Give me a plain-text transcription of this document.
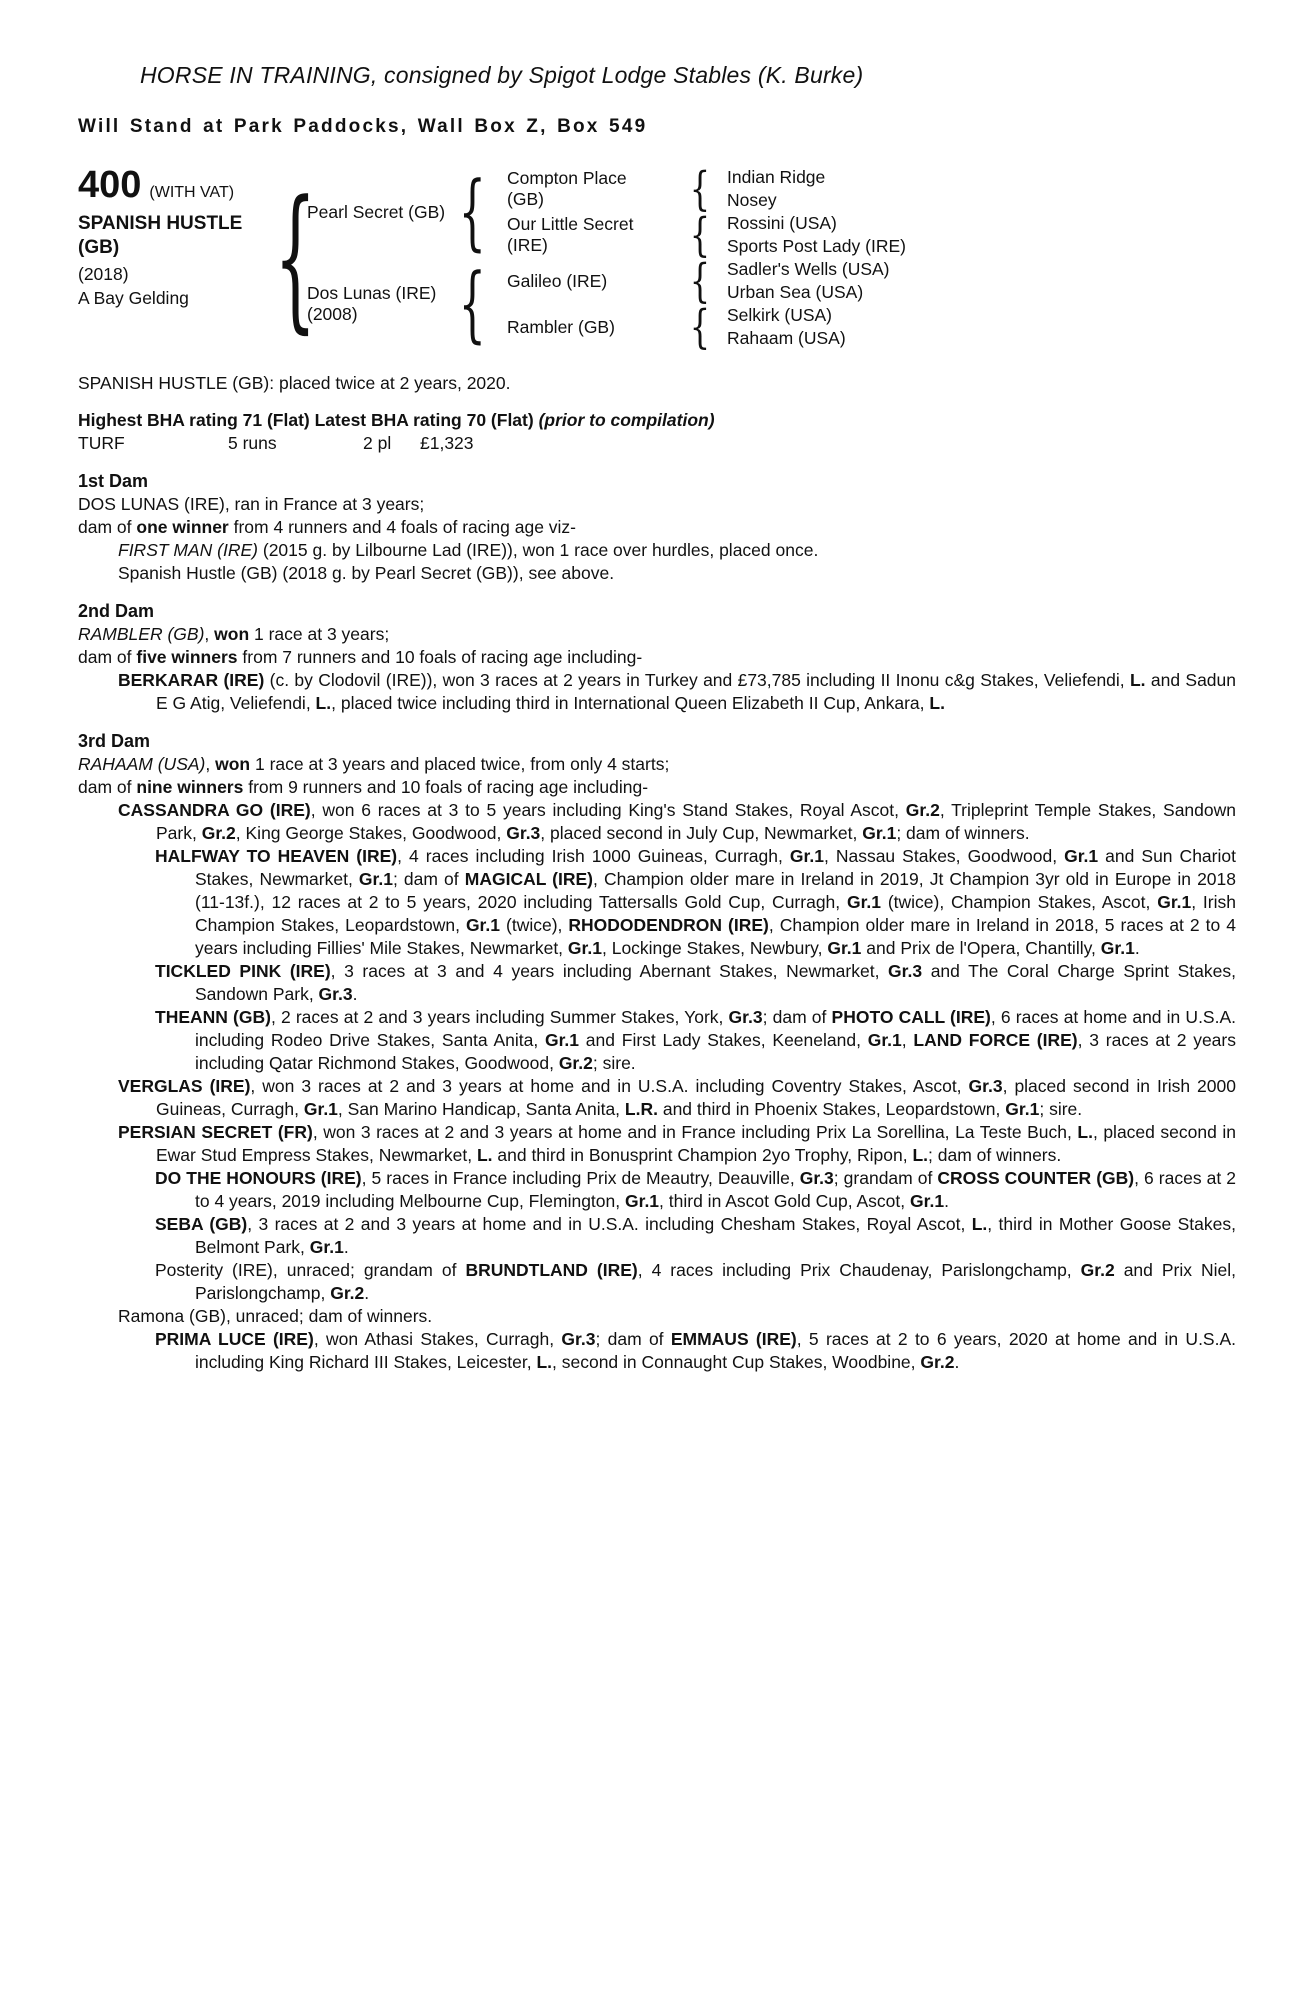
HORSE IN TRAINING, consigned by Spigot Lodge Stables (K. Burke)
Will Stand at Park Paddocks, Wall Box Z, Box 549
400 (WITH VAT)
SPANISH HUSTLE (GB)
(2018)
A Bay Gelding {
Pearl Secret (GB)
Dos Lunas (IRE) (2008)
{
{
Compton Place (GB)
Our Little Secret (IRE)
Galileo (IRE)
Rambler (GB)
{
{
{
{
Indian Ridge
Nosey
Rossini (USA)
Sports Post Lady (IRE)
Sadler's Wells (USA)
Urban Sea (USA)
Selkirk (USA)
Rahaam (USA)

SPANISH HUSTLE (GB): placed twice at 2 years, 2020.

Highest BHA rating 71 (Flat) Latest BHA rating 70 (Flat) (prior to compilation)

TURF	5 runs	2 pl £1,323
1st Dam

DOS LUNAS (IRE), ran in France at 3 years;

dam of one winner from 4 runners and 4 foals of racing age viz-

FIRST MAN (IRE) (2015 g. by Lilbourne Lad (IRE)), won 1 race over hurdles, placed once.

Spanish Hustle (GB) (2018 g. by Pearl Secret (GB)), see above.

2nd Dam

RAMBLER (GB), won 1 race at 3 years;

dam of five winners from 7 runners and 10 foals of racing age including-

BERKARAR (IRE) (c. by Clodovil (IRE)), won 3 races at 2 years in Turkey and £73,785 including II Inonu c&g Stakes, Veliefendi, L. and Sadun E G Atig, Veliefendi, L., placed twice including third in International Queen Elizabeth II Cup, Ankara, L.

3rd Dam

RAHAAM (USA), won 1 race at 3 years and placed twice, from only 4 starts;

dam of nine winners from 9 runners and 10 foals of racing age including-

CASSANDRA GO (IRE), won 6 races at 3 to 5 years including King's Stand Stakes, Royal Ascot, Gr.2, Tripleprint Temple Stakes, Sandown Park, Gr.2, King George Stakes, Goodwood, Gr.3, placed second in July Cup, Newmarket, Gr.1; dam of winners.

HALFWAY TO HEAVEN (IRE), 4 races including Irish 1000 Guineas, Curragh, Gr.1, Nassau Stakes, Goodwood, Gr.1 and Sun Chariot Stakes, Newmarket, Gr.1; dam of MAGICAL (IRE), Champion older mare in Ireland in 2019, Jt Champion 3yr old in Europe in 2018 (11-13f.), 12 races at 2 to 5 years, 2020 including Tattersalls Gold Cup, Curragh, Gr.1 (twice), Champion Stakes, Ascot, Gr.1, Irish Champion Stakes, Leopardstown, Gr.1 (twice), RHODODENDRON (IRE), Champion older mare in Ireland in 2018, 5 races at 2 to 4 years including Fillies' Mile Stakes, Newmarket, Gr.1, Lockinge Stakes, Newbury, Gr.1 and Prix de l'Opera, Chantilly, Gr.1.

TICKLED PINK (IRE), 3 races at 3 and 4 years including Abernant Stakes, Newmarket, Gr.3 and The Coral Charge Sprint Stakes, Sandown Park, Gr.3.

THEANN (GB), 2 races at 2 and 3 years including Summer Stakes, York, Gr.3; dam of PHOTO CALL (IRE), 6 races at home and in U.S.A. including Rodeo Drive Stakes, Santa Anita, Gr.1 and First Lady Stakes, Keeneland, Gr.1, LAND FORCE (IRE), 3 races at 2 years including Qatar Richmond Stakes, Goodwood, Gr.2; sire.

VERGLAS (IRE), won 3 races at 2 and 3 years at home and in U.S.A. including Coventry Stakes, Ascot, Gr.3, placed second in Irish 2000 Guineas, Curragh, Gr.1, San Marino Handicap, Santa Anita, L.R. and third in Phoenix Stakes, Leopardstown, Gr.1; sire.

PERSIAN SECRET (FR), won 3 races at 2 and 3 years at home and in France including Prix La Sorellina, La Teste Buch, L., placed second in Ewar Stud Empress Stakes, Newmarket, L. and third in Bonusprint Champion 2yo Trophy, Ripon, L.; dam of winners.

DO THE HONOURS (IRE), 5 races in France including Prix de Meautry, Deauville, Gr.3; grandam of CROSS COUNTER (GB), 6 races at 2 to 4 years, 2019 including Melbourne Cup, Flemington, Gr.1, third in Ascot Gold Cup, Ascot, Gr.1.

SEBA (GB), 3 races at 2 and 3 years at home and in U.S.A. including Chesham Stakes, Royal Ascot, L., third in Mother Goose Stakes, Belmont Park, Gr.1.

Posterity (IRE), unraced; grandam of BRUNDTLAND (IRE), 4 races including Prix Chaudenay, Parislongchamp, Gr.2 and Prix Niel, Parislongchamp, Gr.2.

Ramona (GB), unraced; dam of winners.

PRIMA LUCE (IRE), won Athasi Stakes, Curragh, Gr.3; dam of EMMAUS (IRE), 5 races at 2 to 6 years, 2020 at home and in U.S.A. including King Richard III Stakes, Leicester, L., second in Connaught Cup Stakes, Woodbine, Gr.2.
